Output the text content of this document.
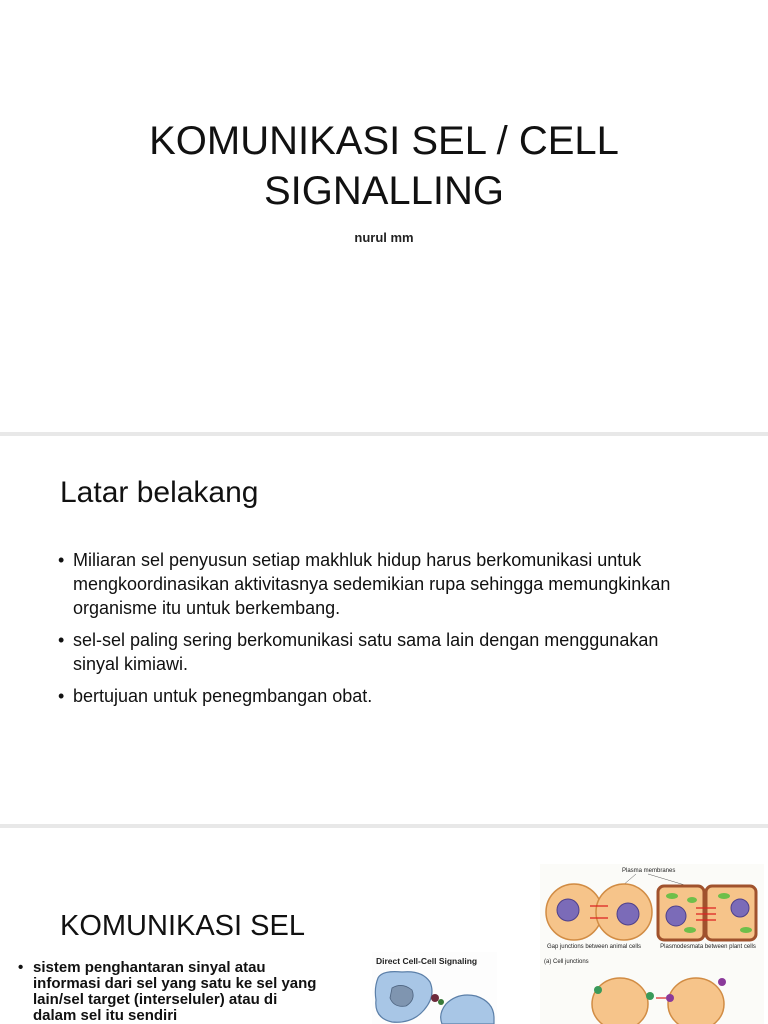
KOMUNIKASI SEL / CELL
SIGNALLING
nurul mm
Latar belakang
• Miliaran sel penyusun setiap makhluk hidup harus berkomunikasi untuk mengkoordinasikan aktivitasnya sedemikian rupa sehingga memungkinkan organisme itu untuk berkembang.
• sel-sel paling sering berkomunikasi satu sama lain dengan menggunakan sinyal kimiawi.
• bertujuan untuk penegmbangan obat.
KOMUNIKASI SEL
• sistem penghantaran sinyal atau informasi dari sel yang satu ke sel yang lain/sel target (interseluler) atau di dalam sel itu sendiri
Direct Cell-Cell Signaling
Plasma membranes
Gap junctions between animal cells	Plasmodesmata between plant cells
(a) Cell junctions
